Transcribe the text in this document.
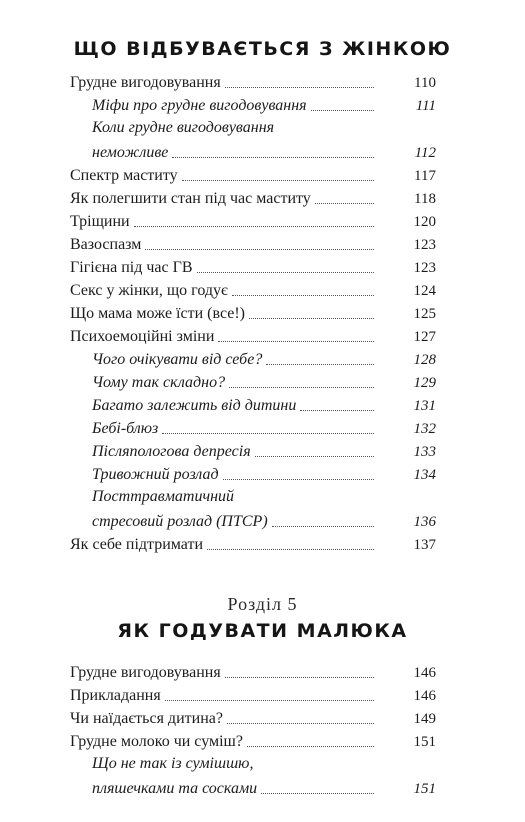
ЩО ВІДБУВАЄТЬСЯ З ЖІНКОЮ
Грудне вигодовування	110
Міфи про грудне вигодовування	111
Коли грудне вигодовування
неможливе	112
Спектр маститу	117
Як полегшити стан під час маститу	118
Тріщини	120
Вазоспазм	123
Гігієна під час ГВ	123
Секс у жінки, що годує	124
Що мама може їсти (все!)	125
Психоемоційні зміни	127
Чого очікувати від себе?	128
Чому так складно?	129
Багато залежить від дитини	131
Бебі-блюз	132
Післяпологова депресія	133
Тривожний розлад	134
Посттравматичний
стресовий розлад (ПТСР)	136
Як себе підтримати	137
Розділ 5
ЯК ГОДУВАТИ МАЛЮКА
Грудне вигодовування	146
Прикладання	146
Чи наїдається дитина?	149
Грудне молоко чи суміш?	151
Що не так із сумішшю,
пляшечками та сосками	151
